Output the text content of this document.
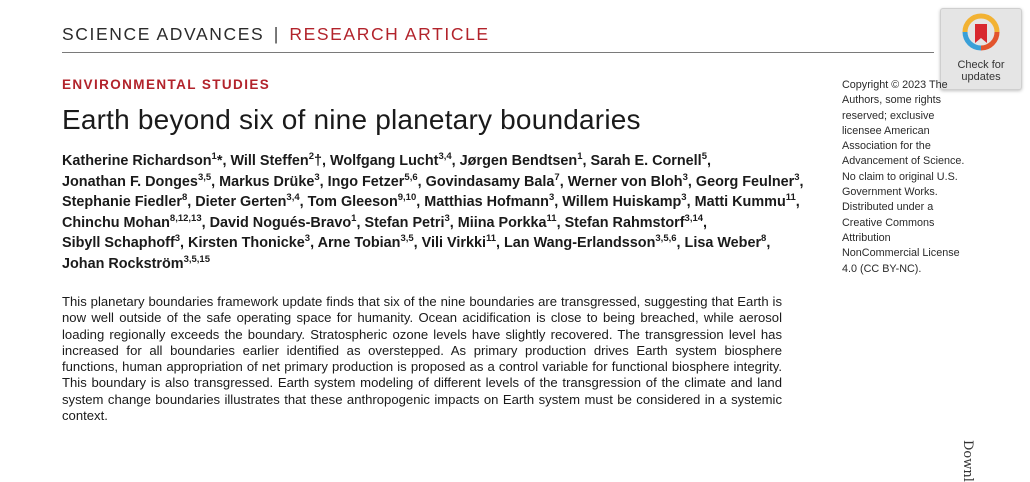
SCIENCE ADVANCES | RESEARCH ARTICLE
Check for updates
ENVIRONMENTAL STUDIES
Earth beyond six of nine planetary boundaries
Katherine Richardson$^1$*, Will Steffen$^2$†, Wolfgang Lucht$^{3,4}$, Jørgen Bendtsen$^1$, Sarah E. Cornell$^5$, Jonathan F. Donges$^{3,5}$, Markus Drüke$^3$, Ingo Fetzer$^{5,6}$, Govindasamy Bala$^7$, Werner von Bloh$^3$, Georg Feulner$^3$, Stephanie Fiedler$^8$, Dieter Gerten$^{3,4}$, Tom Gleeson$^{9,10}$, Matthias Hofmann$^3$, Willem Huiskamp$^3$, Matti Kummu$^{11}$, Chinchu Mohan$^{8,12,13}$, David Nogués-Bravo$^1$, Stefan Petri$^3$, Miina Porkka$^{11}$, Stefan Rahmstorf$^{3,14}$, Sibyll Schaphoff$^3$, Kirsten Thonicke$^3$, Arne Tobian$^{3,5}$, Vili Virkki$^{11}$, Lan Wang-Erlandsson$^{3,5,6}$, Lisa Weber$^8$, Johan Rockström$^{3,5,15}$

This planetary boundaries framework update finds that six of the nine boundaries are transgressed, suggesting that Earth is now well outside of the safe operating space for humanity. Ocean acidification is close to being breached, while aerosol loading regionally exceeds the boundary. Stratospheric ozone levels have slightly recovered. The transgression level has increased for all boundaries earlier identified as overstepped. As primary production drives Earth system biosphere functions, human appropriation of net primary production is proposed as a control variable for functional biosphere integrity. This boundary is also transgressed. Earth system modeling of different levels of the transgression of the climate and land system change boundaries illustrates that these anthropogenic impacts on Earth system must be considered in a systemic context.

Copyright © 2023 The Authors, some rights reserved; exclusive licensee American Association for the Advancement of Science. No claim to original U.S. Government Works. Distributed under a Creative Commons Attribution NonCommercial License 4.0 (CC BY-NC).

Downl
